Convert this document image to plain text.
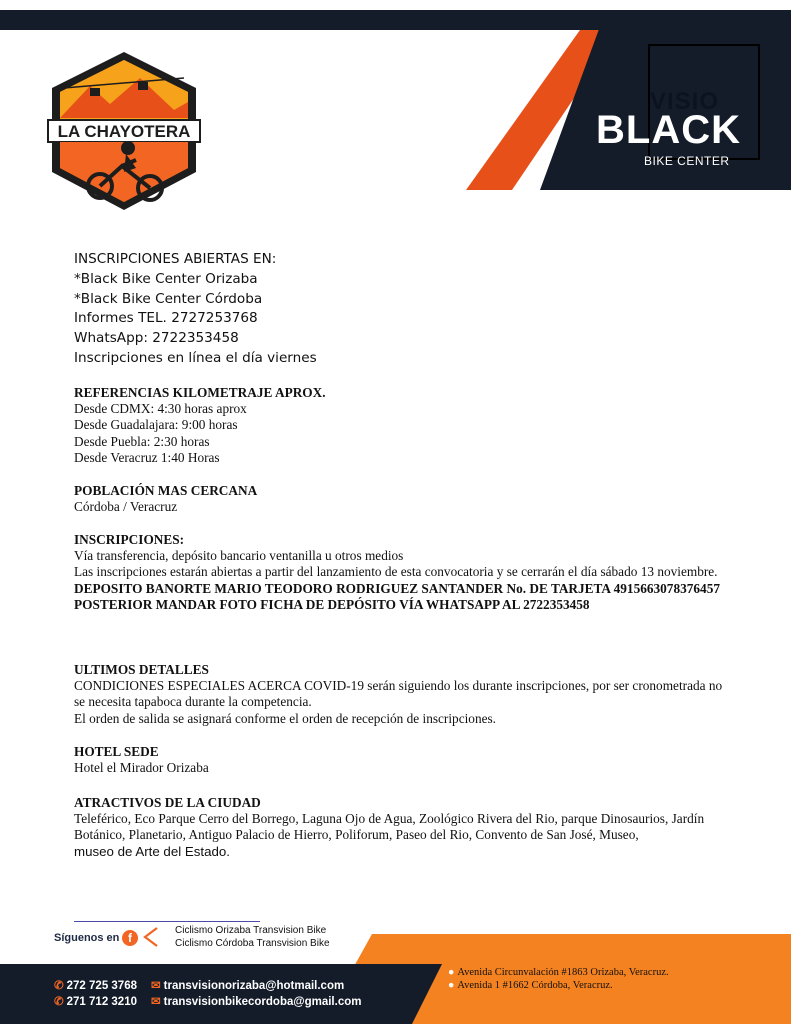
LA CHAYOTERA
VISIO
BLACK
BIKE CENTER
INSCRIPCIONES ABIERTAS EN:
*Black Bike Center Orizaba
*Black Bike Center Córdoba
Informes TEL. 2727253768
WhatsApp: 2722353458
Inscripciones en línea el día viernes
REFERENCIAS KILOMETRAJE APROX.
Desde CDMX: 4:30 horas aprox
Desde Guadalajara: 9:00 horas
Desde Puebla: 2:30 horas
Desde Veracruz 1:40 Horas
POBLACIÓN MAS CERCANA
Córdoba / Veracruz
INSCRIPCIONES:
Vía transferencia, depósito bancario ventanilla u otros medios
Las inscripciones estarán abiertas a partir del lanzamiento de esta convocatoria y se cerrarán el día sábado 13 noviembre.
DEPOSITO BANORTE MARIO TEODORO RODRIGUEZ SANTANDER No. DE TARJETA 4915663078376457 POSTERIOR MANDAR FOTO FICHA DE DEPÓSITO VÍA WHATSAPP AL 2722353458
ULTIMOS DETALLES
CONDICIONES ESPECIALES ACERCA COVID-19 serán siguiendo los durante inscripciones, por ser cronometrada no se necesita tapaboca durante la competencia.
El orden de salida se asignará conforme el orden de recepción de inscripciones.
HOTEL SEDE
Hotel el Mirador Orizaba
ATRACTIVOS DE LA CIUDAD
Teleférico, Eco Parque Cerro del Borrego, Laguna Ojo de Agua, Zoológico Rivera del Rio, parque Dinosaurios, Jardín Botánico, Planetario, Antiguo Palacio de Hierro, Poliforum, Paseo del Rio, Convento de San José, Museo,
museo de Arte del Estado.
Síguenos en f
Ciclismo Orizaba Transvision Bike
Ciclismo Córdoba Transvision Bike
✆ 272 725 3768 ✉ transvisionorizaba@hotmail.com
✆ 271 712 3210 ✉ transvisionbikecordoba@gmail.com
● Avenida Circunvalación #1863 Orizaba, Veracruz.
● Avenida 1 #1662 Córdoba, Veracruz.
